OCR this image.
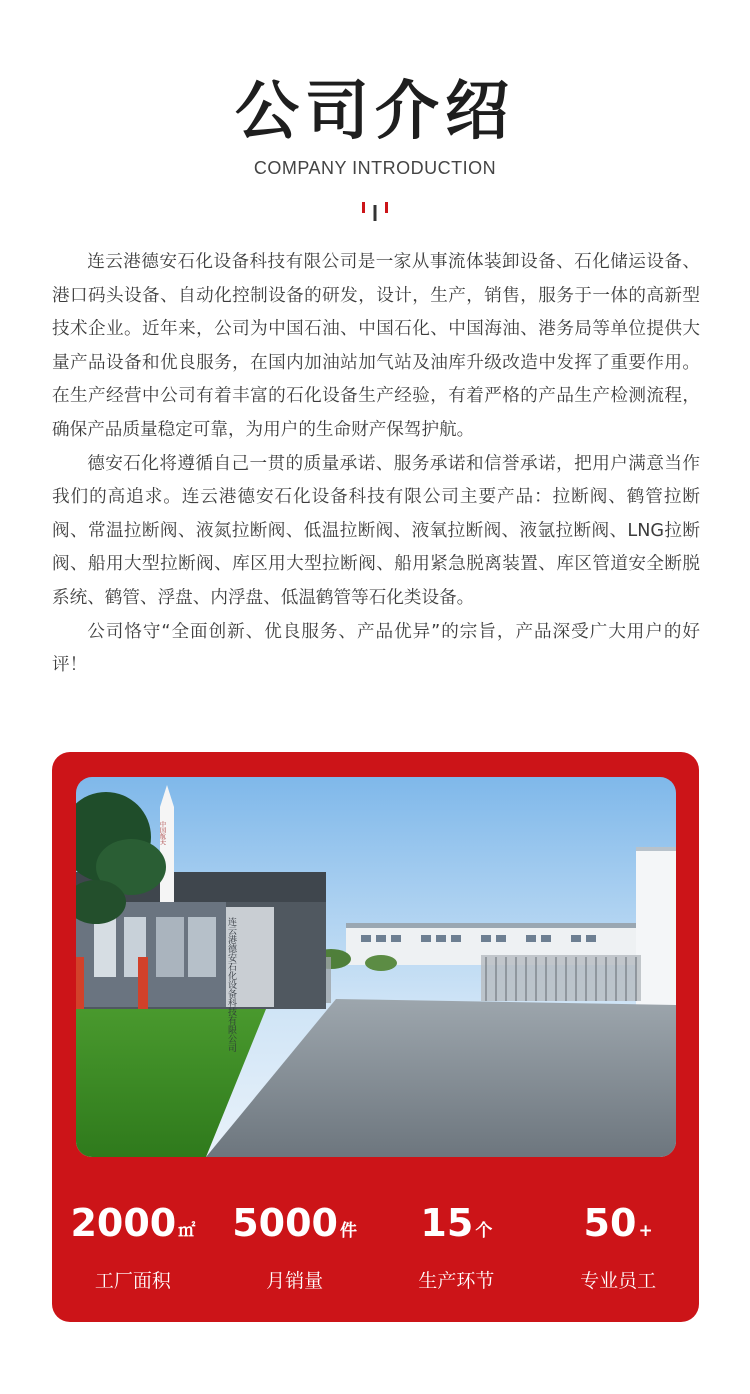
公司介绍
COMPANY INTRODUCTION

连云港德安石化设备科技有限公司是一家从事流体装卸设备、石化储运设备、港口码头设备、自动化控制设备的研发，设计，生产，销售，服务于一体的高新型技术企业。近年来，公司为中国石油、中国石化、中国海油、港务局等单位提供大量产品设备和优良服务，在国内加油站加气站及油库升级改造中发挥了重要作用。在生产经营中公司有着丰富的石化设备生产经验，有着严格的产品生产检测流程，确保产品质量稳定可靠，为用户的生命财产保驾护航。

德安石化将遵循自己一贯的质量承诺、服务承诺和信誉承诺，把用户满意当作我们的高追求。连云港德安石化设备科技有限公司主要产品：拉断阀、鹤管拉断阀、常温拉断阀、液氮拉断阀、低温拉断阀、液氧拉断阀、液氩拉断阀、LNG拉断阀、船用大型拉断阀、库区用大型拉断阀、船用紧急脱离装置、库区管道安全断脱系统、鹤管、浮盘、内浮盘、低温鹤管等石化类设备。

公司恪守“全面创新、优良服务、产品优异”的宗旨，产品深受广大用户的好评！

连云港德安石化设备科技有限公司
中国航天
2000 ㎡
工厂面积
5000 件
月销量
15 个
生产环节
50 +
专业员工
